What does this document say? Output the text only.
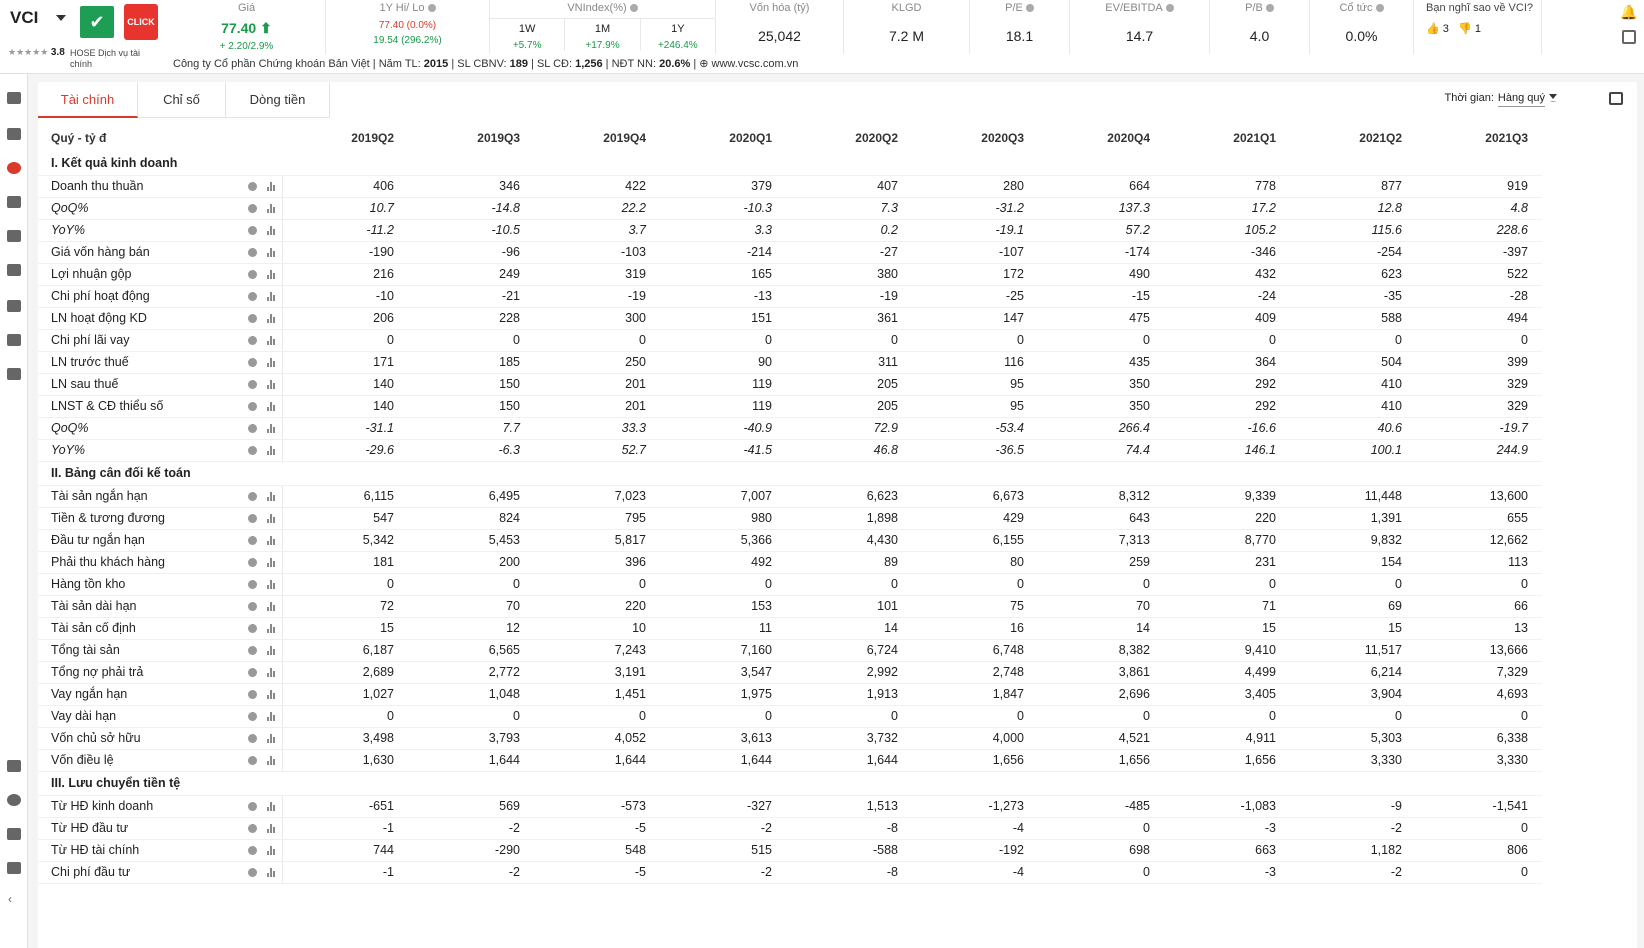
VCI	✔	CLICK
★★★★★ 3.8 HOSE Dịch vụ tài chính
Giá
77.40 ⬆
+ 2.20/2.9%
1Y Hi/ Lo
77.40 (0.0%)
19.54 (296.2%)
VNIndex(%)
1W
+5.7%
1M
+17.9%
1Y
+246.4%
Vốn hóa (tỷ)
25,042
KLGD
7.2 M
P/E
18.1
EV/EBITDA
14.7
P/B
4.0
Cổ tức
0.0%
Bạn nghĩ sao về VCI?
👍 3 👎 1
🔔
Công ty Cổ phần Chứng khoán Bản Việt | Năm TL: 2015 | SL CBNV: 189 | SL CĐ: 1,256 | NĐT NN: 20.6% | ⊕ www.vcsc.com.vn
‹
Tài chính	Chỉ số	Dòng tiền	Thời gian: Hàng quý
Quý - tỷ đ		2019Q2	2019Q3	2019Q4	2020Q1	2020Q2	2020Q3	2020Q4	2021Q1	2021Q2	2021Q3
I. Kết quả kinh doanh											
Doanh thu thuần		406	346	422	379	407	280	664	778	877	919
QoQ%		10.7	-14.8	22.2	-10.3	7.3	-31.2	137.3	17.2	12.8	4.8
YoY%		-11.2	-10.5	3.7	3.3	0.2	-19.1	57.2	105.2	115.6	228.6
Giá vốn hàng bán		-190	-96	-103	-214	-27	-107	-174	-346	-254	-397
Lợi nhuận gộp		216	249	319	165	380	172	490	432	623	522
Chi phí hoạt động		-10	-21	-19	-13	-19	-25	-15	-24	-35	-28
LN hoạt động KD		206	228	300	151	361	147	475	409	588	494
Chi phí lãi vay		0	0	0	0	0	0	0	0	0	0
LN trước thuế		171	185	250	90	311	116	435	364	504	399
LN sau thuế		140	150	201	119	205	95	350	292	410	329
LNST & CĐ thiểu số		140	150	201	119	205	95	350	292	410	329
QoQ%		-31.1	7.7	33.3	-40.9	72.9	-53.4	266.4	-16.6	40.6	-19.7
YoY%		-29.6	-6.3	52.7	-41.5	46.8	-36.5	74.4	146.1	100.1	244.9
II. Bảng cân đối kế toán											
Tài sản ngắn hạn		6,115	6,495	7,023	7,007	6,623	6,673	8,312	9,339	11,448	13,600
Tiền & tương đương		547	824	795	980	1,898	429	643	220	1,391	655
Đầu tư ngắn hạn		5,342	5,453	5,817	5,366	4,430	6,155	7,313	8,770	9,832	12,662
Phải thu khách hàng		181	200	396	492	89	80	259	231	154	113
Hàng tồn kho		0	0	0	0	0	0	0	0	0	0
Tài sản dài hạn		72	70	220	153	101	75	70	71	69	66
Tài sản cố định		15	12	10	11	14	16	14	15	15	13
Tổng tài sản		6,187	6,565	7,243	7,160	6,724	6,748	8,382	9,410	11,517	13,666
Tổng nợ phải trả		2,689	2,772	3,191	3,547	2,992	2,748	3,861	4,499	6,214	7,329
Vay ngắn hạn		1,027	1,048	1,451	1,975	1,913	1,847	2,696	3,405	3,904	4,693
Vay dài hạn		0	0	0	0	0	0	0	0	0	0
Vốn chủ sở hữu		3,498	3,793	4,052	3,613	3,732	4,000	4,521	4,911	5,303	6,338
Vốn điều lệ		1,630	1,644	1,644	1,644	1,644	1,656	1,656	1,656	3,330	3,330
III. Lưu chuyển tiền tệ											
Từ HĐ kinh doanh		-651	569	-573	-327	1,513	-1,273	-485	-1,083	-9	-1,541
Từ HĐ đầu tư		-1	-2	-5	-2	-8	-4	0	-3	-2	0
Từ HĐ tài chính		744	-290	548	515	-588	-192	698	663	1,182	806
Chi phí đầu tư		-1	-2	-5	-2	-8	-4	0	-3	-2	0
